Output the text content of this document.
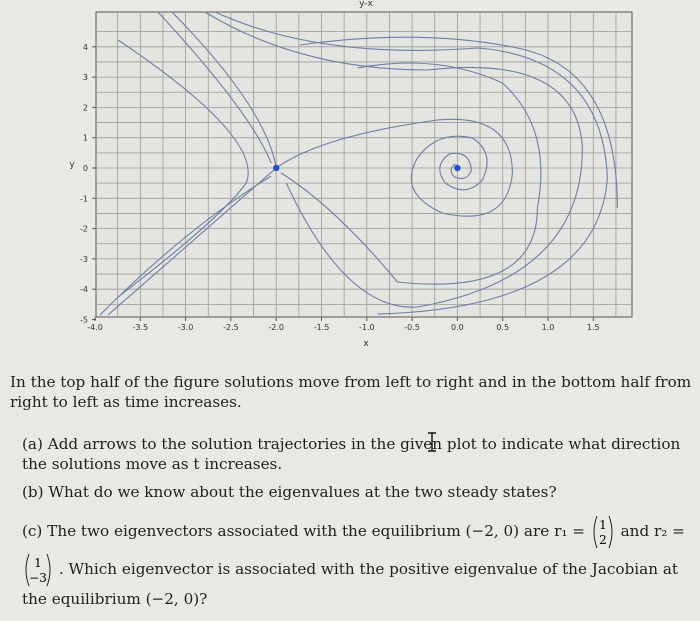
-4.0	-3.5	-3.0	-2.5	-2.0	-1.5	-1.0	-0.5	0.0	0.5	1.0	1.5
4
3
2
1
0
-1
-2
-3
-4
-5
y-x
x
y

In the top half of the figure solutions move from left to right and in the bottom half from right to left as time increases.

(a) Add arrows to the solution trajectories in the given plot to indicate what direction the solutions move as t increases.

(b) What do we know about the eigenvalues at the two steady states?

(c) The two eigenvectors associated with the equilibrium (−2, 0) are r₁ = 1
2 and r₂ =

1
−3 . Which eigenvector is associated with the positive eigenvalue of the Jacobian at the equilibrium (−2, 0)?
